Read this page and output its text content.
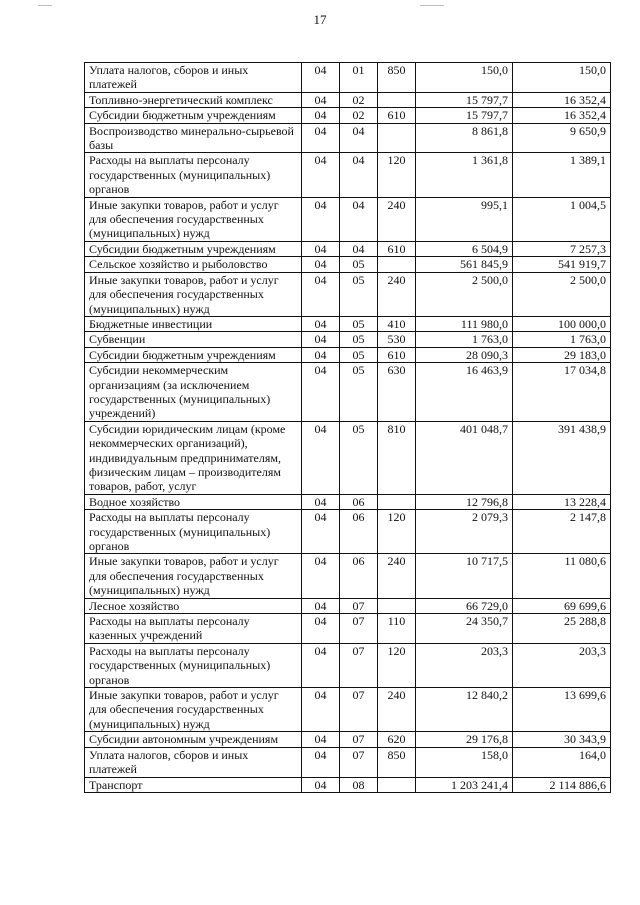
17
Уплата налогов, сборов и иных платежей	04	01	850	150,0	150,0
Топливно-энергетический комплекс	04	02		15 797,7	16 352,4
Субсидии бюджетным учреждениям	04	02	610	15 797,7	16 352,4
Воспроизводство минерально-сырьевой базы	04	04		8 861,8	9 650,9
Расходы на выплаты персоналу государственных (муниципальных) органов	04	04	120	1 361,8	1 389,1
Иные закупки товаров, работ и услуг для обеспечения государственных (муниципальных) нужд	04	04	240	995,1	1 004,5
Субсидии бюджетным учреждениям	04	04	610	6 504,9	7 257,3
Сельское хозяйство и рыболовство	04	05		561 845,9	541 919,7
Иные закупки товаров, работ и услуг для обеспечения государственных (муниципальных) нужд	04	05	240	2 500,0	2 500,0
Бюджетные инвестиции	04	05	410	111 980,0	100 000,0
Субвенции	04	05	530	1 763,0	1 763,0
Субсидии бюджетным учреждениям	04	05	610	28 090,3	29 183,0
Субсидии некоммерческим организациям (за исключением государственных (муниципальных) учреждений)	04	05	630	16 463,9	17 034,8
Субсидии юридическим лицам (кроме некоммерческих организаций), индивидуальным предпринимателям, физическим лицам – производителям товаров, работ, услуг	04	05	810	401 048,7	391 438,9
Водное хозяйство	04	06		12 796,8	13 228,4
Расходы на выплаты персоналу государственных (муниципальных) органов	04	06	120	2 079,3	2 147,8
Иные закупки товаров, работ и услуг для обеспечения государственных (муниципальных) нужд	04	06	240	10 717,5	11 080,6
Лесное хозяйство	04	07		66 729,0	69 699,6
Расходы на выплаты персоналу казенных учреждений	04	07	110	24 350,7	25 288,8
Расходы на выплаты персоналу государственных (муниципальных) органов	04	07	120	203,3	203,3
Иные закупки товаров, работ и услуг для обеспечения государственных (муниципальных) нужд	04	07	240	12 840,2	13 699,6
Субсидии автономным учреждениям	04	07	620	29 176,8	30 343,9
Уплата налогов, сборов и иных платежей	04	07	850	158,0	164,0
Транспорт	04	08		1 203 241,4	2 114 886,6
